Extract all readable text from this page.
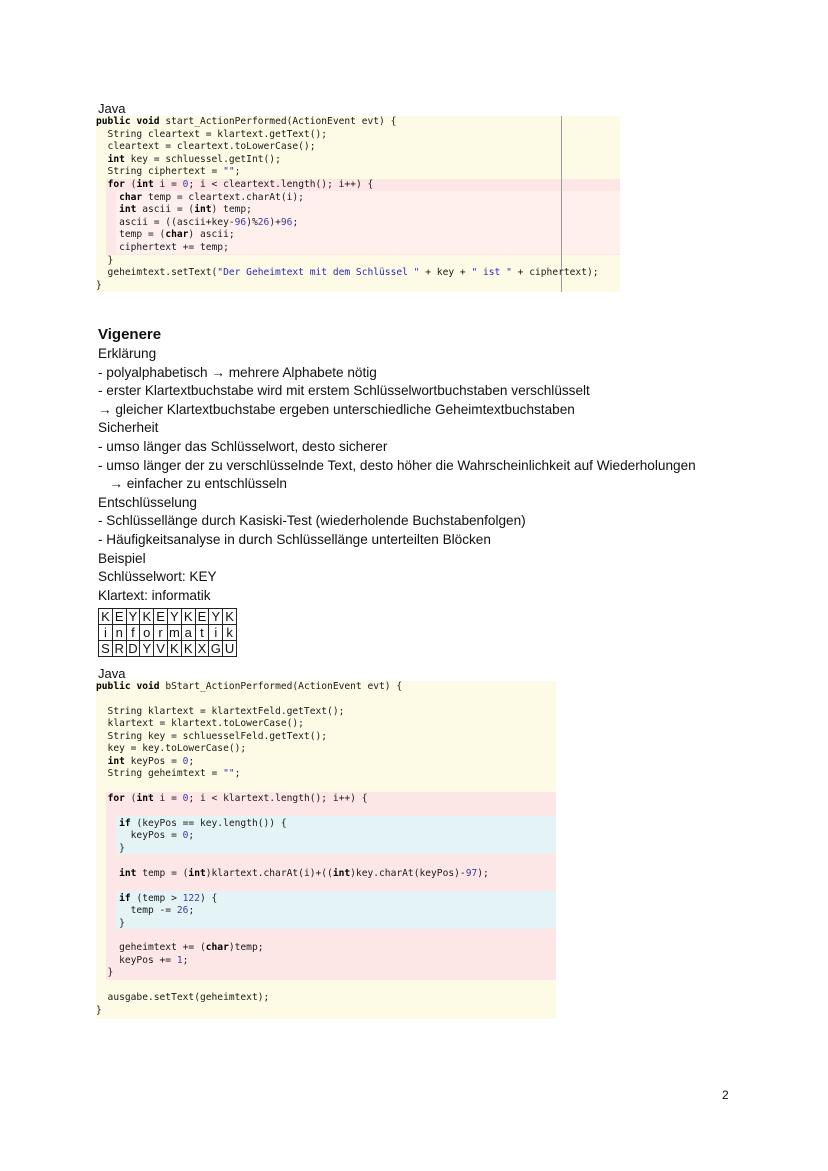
Java
public void start_ActionPerformed(ActionEvent evt) {
String cleartext = klartext.getText();
cleartext = cleartext.toLowerCase();
int key = schluessel.getInt();
String ciphertext = "";
for (int i = 0; i < cleartext.length(); i++) {
char temp = cleartext.charAt(i);
int ascii = (int) temp;
ascii = ((ascii+key-96)%26)+96;
temp = (char) ascii;
ciphertext += temp;
}
geheimtext.setText("Der Geheimtext mit dem Schlüssel " + key + " ist " + ciphertext);
}
Vigenere
Erklärung
- polyalphabetisch → mehrere Alphabete nötig
- erster Klartextbuchstabe wird mit erstem Schlüsselwortbuchstaben verschlüsselt
→ gleicher Klartextbuchstabe ergeben unterschiedliche Geheimtextbuchstaben
Sicherheit
- umso länger das Schlüsselwort, desto sicherer
- umso länger der zu verschlüsselnde Text, desto höher die Wahrscheinlichkeit auf Wiederholungen
→ einfacher zu entschlüsseln
Entschlüsselung
- Schlüssellänge durch Kasiski-Test (wiederholende Buchstabenfolgen)
- Häufigkeitsanalyse in durch Schlüssellänge unterteilten Blöcken
Beispiel
Schlüsselwort: KEY
Klartext: informatik
K	E	Y	K	E	Y	K	E	Y	K
i	n	f	o	r	m	a	t	i	k
S	R	D	Y	V	K	K	X	G	U
Java
public void bStart_ActionPerformed(ActionEvent evt) {
String klartext = klartextFeld.getText();
klartext = klartext.toLowerCase();
String key = schluesselFeld.getText();
key = key.toLowerCase();
int keyPos = 0;
String geheimtext = "";
for (int i = 0; i < klartext.length(); i++) {
if (keyPos == key.length()) {
keyPos = 0;
}
int temp = (int)klartext.charAt(i)+((int)key.charAt(keyPos)-97);
if (temp > 122) {
temp -= 26;
}
geheimtext += (char)temp;
keyPos += 1;
}
ausgabe.setText(geheimtext);
}
2
